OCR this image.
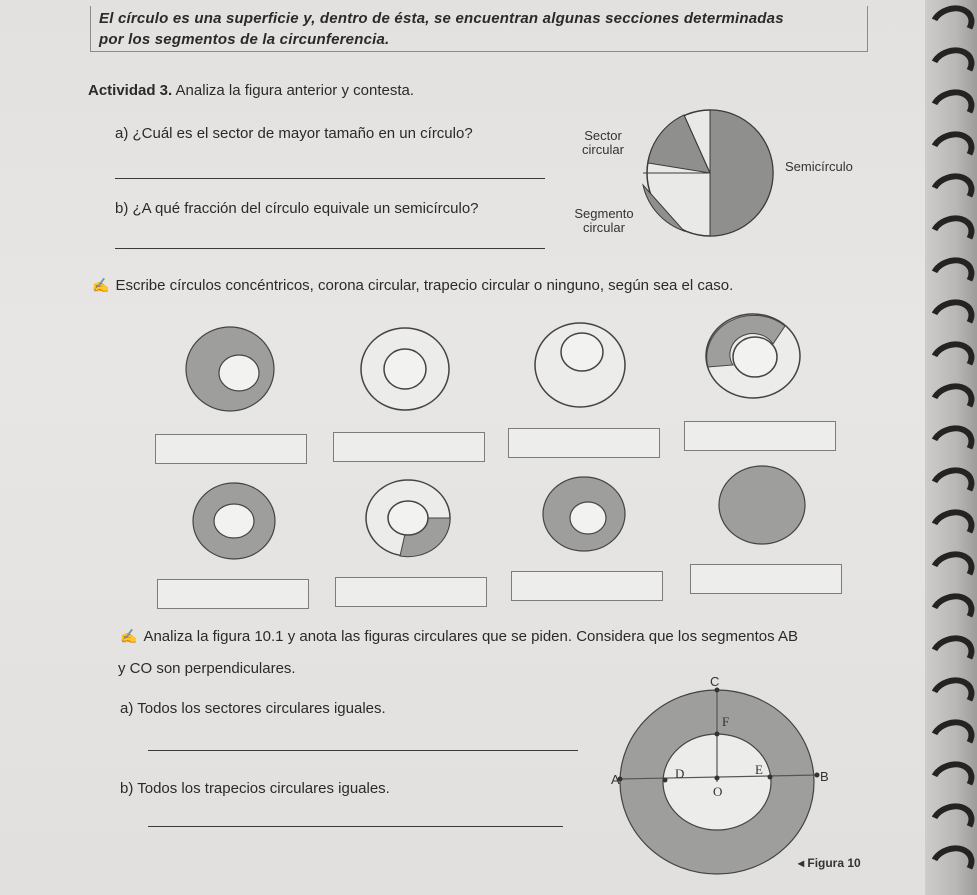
El círculo es una superficie y, dentro de ésta, se encuentran algunas secciones determinadas
por los segmentos de la circunferencia.
Actividad 3. Analiza la figura anterior y contesta.
a) ¿Cuál es el sector de mayor tamaño en un círculo?
b) ¿A qué fracción del círculo equivale un semicírculo?
Sector
circular
Semicírculo
Segmento
circular
✍ Escribe círculos concéntricos, corona circular, trapecio circular o ninguno, según sea el caso.
✍ Analiza la figura 10.1 y anota las figuras circulares que se piden. Considera que los segmentos AB
y CO son perpendiculares.
a) Todos los sectores circulares iguales.
b) Todos los trapecios circulares iguales.
C
F
D	E
A	B
O
◂ Figura 10
